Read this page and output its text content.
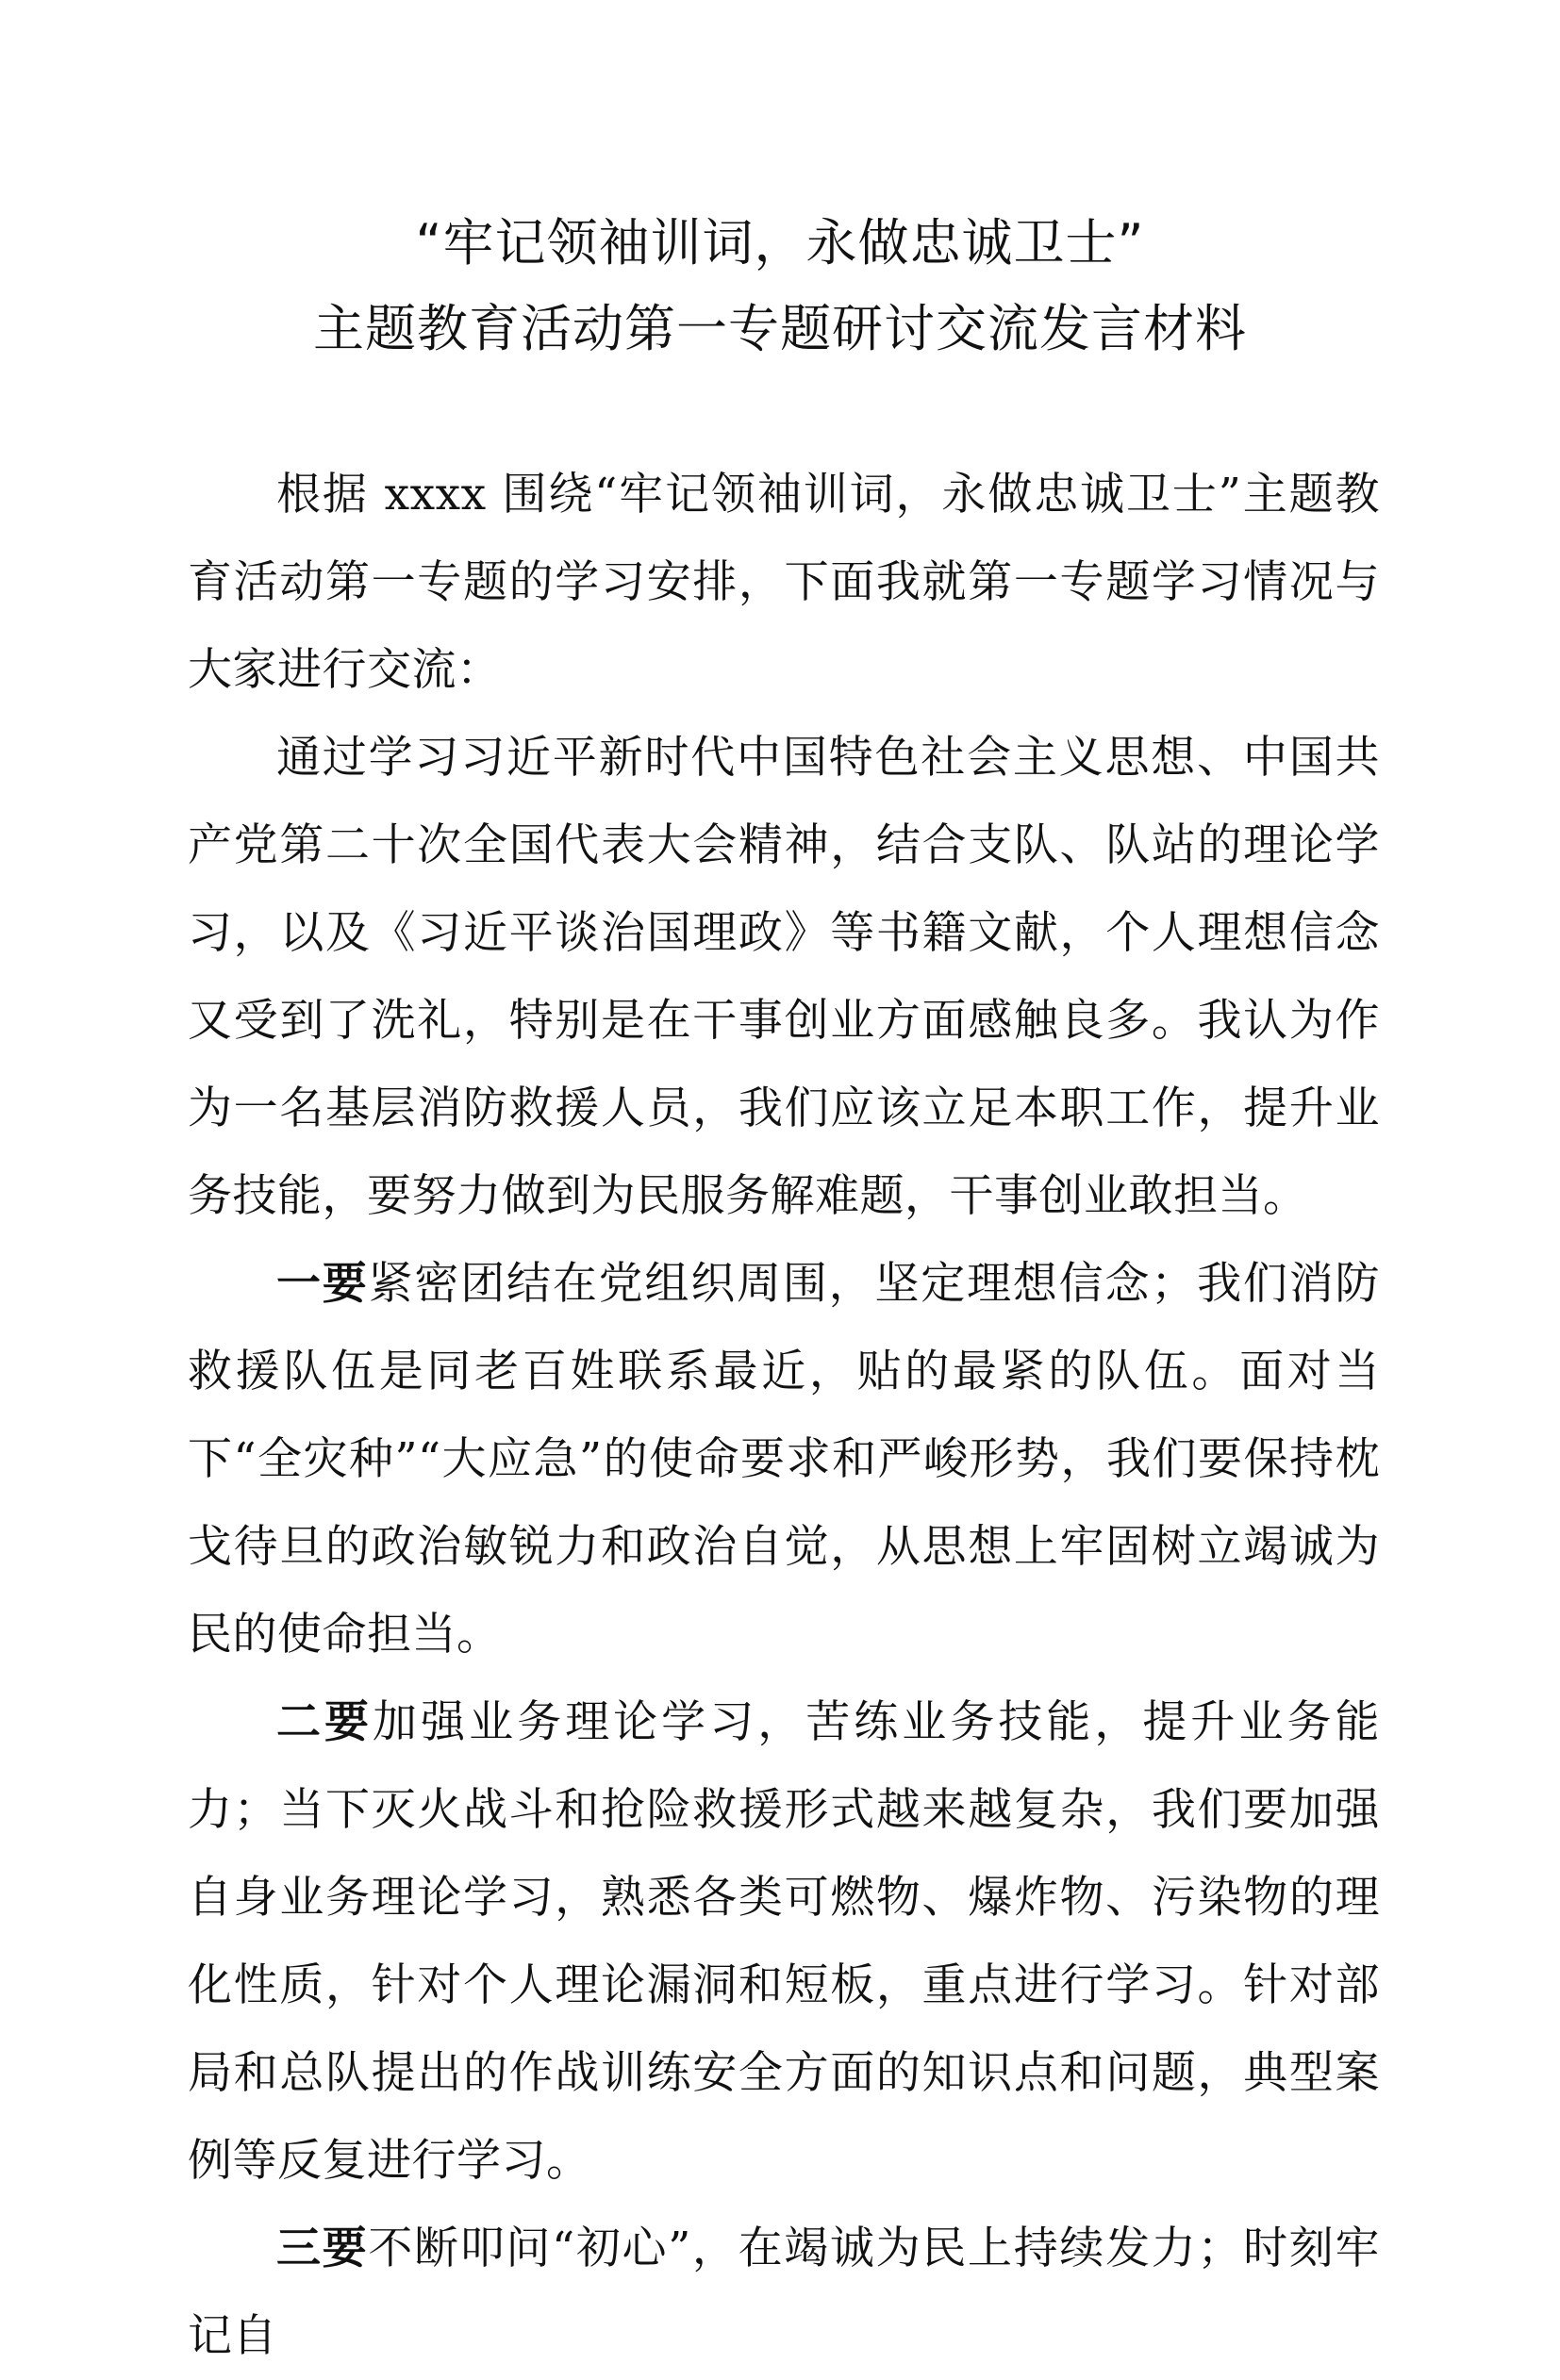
“牢记领袖训词，永做忠诚卫士”
主题教育活动第一专题研讨交流发言材料

根据 xxxx 围绕“牢记领袖训词，永做忠诚卫士”主题教育活动第一专题的学习安排，下面我就第一专题学习情况与大家进行交流：

通过学习习近平新时代中国特色社会主义思想、中国共产党第二十次全国代表大会精神，结合支队、队站的理论学习，以及《习近平谈治国理政》等书籍文献，个人理想信念又受到了洗礼，特别是在干事创业方面感触良多。我认为作为一名基层消防救援人员，我们应该立足本职工作，提升业务技能，要努力做到为民服务解难题，干事创业敢担当。

一要紧密团结在党组织周围，坚定理想信念；我们消防救援队伍是同老百姓联系最近，贴的最紧的队伍。面对当下“全灾种”“大应急”的使命要求和严峻形势，我们要保持枕戈待旦的政治敏锐力和政治自觉，从思想上牢固树立竭诚为民的使命担当。

二要加强业务理论学习，苦练业务技能，提升业务能力；当下灭火战斗和抢险救援形式越来越复杂，我们要加强自身业务理论学习，熟悉各类可燃物、爆炸物、污染物的理化性质，针对个人理论漏洞和短板，重点进行学习。针对部局和总队提出的作战训练安全方面的知识点和问题，典型案例等反复进行学习。

三要不断叩问“初心”，在竭诚为民上持续发力；时刻牢记自
